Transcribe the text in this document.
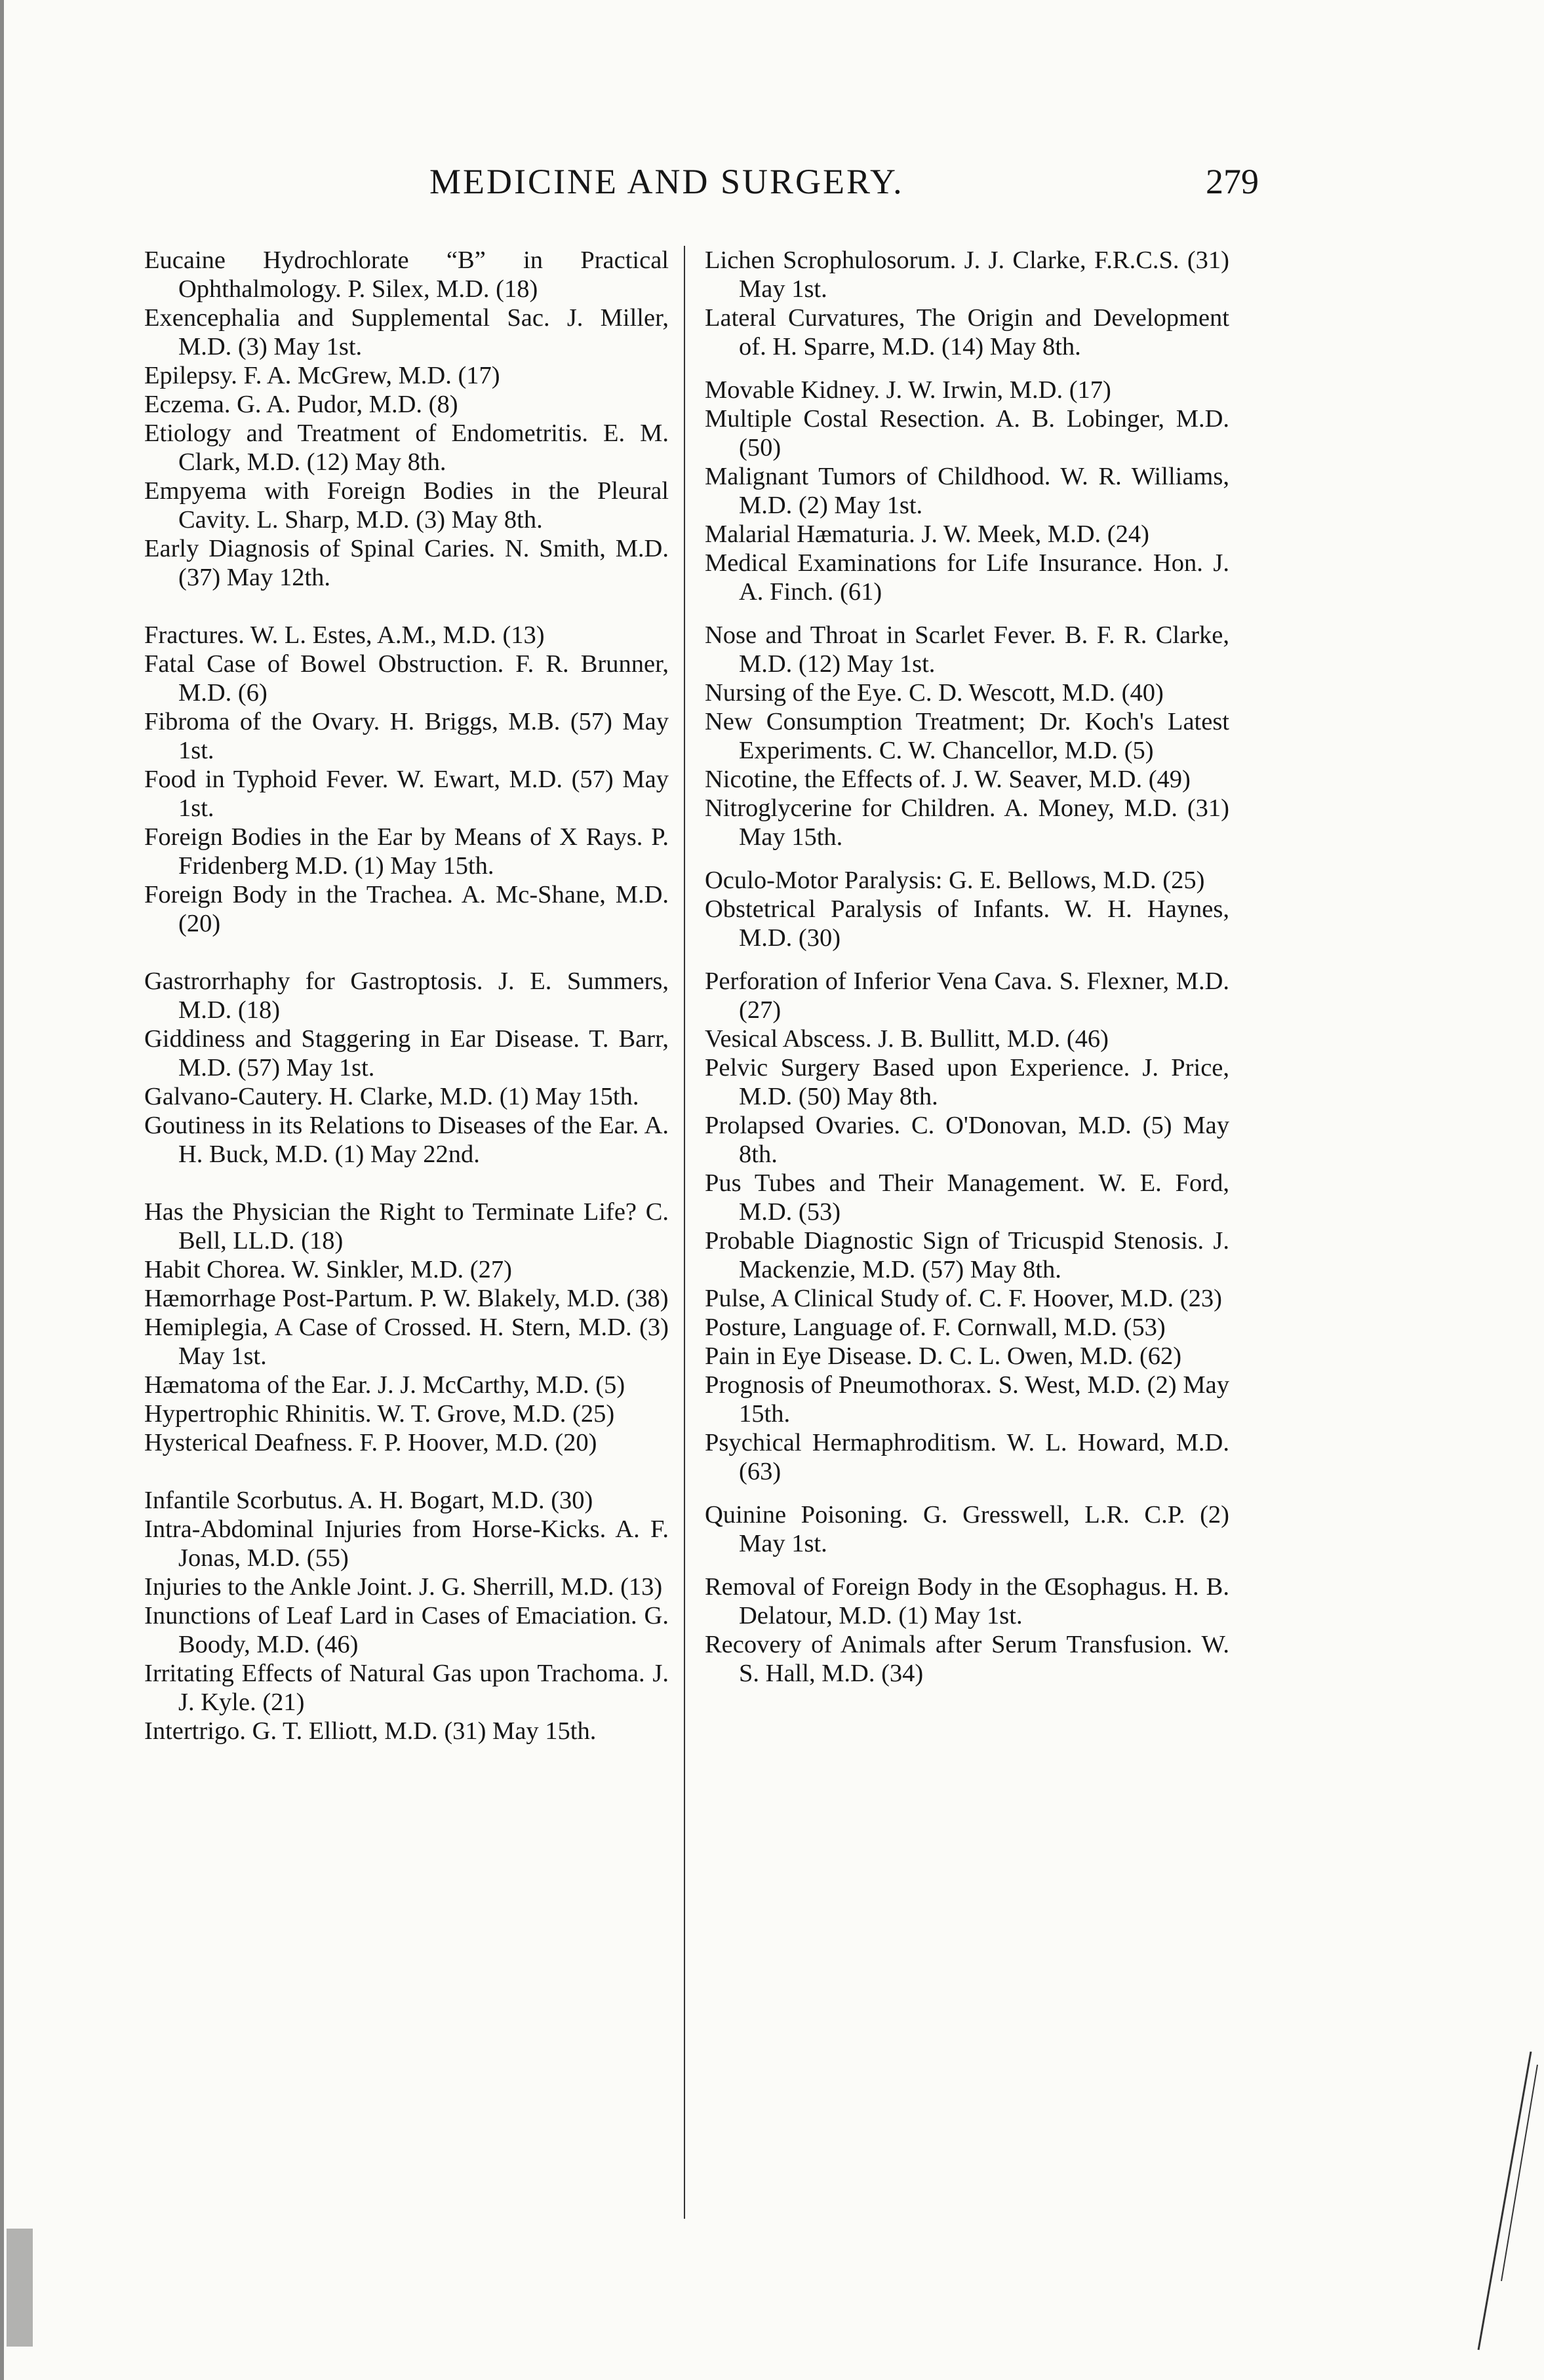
MEDICINE AND SURGERY.	279
Eucaine Hydrochlorate “B” in Practical Ophthalmology. P. Silex, M.D. (18)
Exencephalia and Supplemental Sac. J. Miller, M.D. (3) May 1st.
Epilepsy. F. A. McGrew, M.D. (17)
Eczema. G. A. Pudor, M.D. (8)
Etiology and Treatment of Endometritis. E. M. Clark, M.D. (12) May 8th.
Empyema with Foreign Bodies in the Pleural Cavity. L. Sharp, M.D. (3) May 8th.
Early Diagnosis of Spinal Caries. N. Smith, M.D. (37) May 12th.
Fractures. W. L. Estes, A.M., M.D. (13)
Fatal Case of Bowel Obstruction. F. R. Brunner, M.D. (6)
Fibroma of the Ovary. H. Briggs, M.B. (57) May 1st.
Food in Typhoid Fever. W. Ewart, M.D. (57) May 1st.
Foreign Bodies in the Ear by Means of X Rays. P. Fridenberg M.D. (1) May 15th.
Foreign Body in the Trachea. A. Mc-Shane, M.D. (20)
Gastrorrhaphy for Gastroptosis. J. E. Summers, M.D. (18)
Giddiness and Staggering in Ear Disease. T. Barr, M.D. (57) May 1st.
Galvano-Cautery. H. Clarke, M.D. (1) May 15th.
Goutiness in its Relations to Diseases of the Ear. A. H. Buck, M.D. (1) May 22nd.
Has the Physician the Right to Terminate Life? C. Bell, LL.D. (18)
Habit Chorea. W. Sinkler, M.D. (27)
Hæmorrhage Post-Partum. P. W. Blakely, M.D. (38)
Hemiplegia, A Case of Crossed. H. Stern, M.D. (3) May 1st.
Hæmatoma of the Ear. J. J. McCarthy, M.D. (5)
Hypertrophic Rhinitis. W. T. Grove, M.D. (25)
Hysterical Deafness. F. P. Hoover, M.D. (20)
Infantile Scorbutus. A. H. Bogart, M.D. (30)
Intra-Abdominal Injuries from Horse-Kicks. A. F. Jonas, M.D. (55)
Injuries to the Ankle Joint. J. G. Sherrill, M.D. (13)
Inunctions of Leaf Lard in Cases of Emaciation. G. Boody, M.D. (46)
Irritating Effects of Natural Gas upon Trachoma. J. J. Kyle. (21)
Intertrigo. G. T. Elliott, M.D. (31) May 15th.
Lichen Scrophulosorum. J. J. Clarke, F.R.C.S. (31) May 1st.
Lateral Curvatures, The Origin and Development of. H. Sparre, M.D. (14) May 8th.
Movable Kidney. J. W. Irwin, M.D. (17)
Multiple Costal Resection. A. B. Lobinger, M.D. (50)
Malignant Tumors of Childhood. W. R. Williams, M.D. (2) May 1st.
Malarial Hæmaturia. J. W. Meek, M.D. (24)
Medical Examinations for Life Insurance. Hon. J. A. Finch. (61)
Nose and Throat in Scarlet Fever. B. F. R. Clarke, M.D. (12) May 1st.
Nursing of the Eye. C. D. Wescott, M.D. (40)
New Consumption Treatment; Dr. Koch's Latest Experiments. C. W. Chancellor, M.D. (5)
Nicotine, the Effects of. J. W. Seaver, M.D. (49)
Nitroglycerine for Children. A. Money, M.D. (31) May 15th.
Oculo-Motor Paralysis: G. E. Bellows, M.D. (25)
Obstetrical Paralysis of Infants. W. H. Haynes, M.D. (30)
Perforation of Inferior Vena Cava. S. Flexner, M.D. (27)
Vesical Abscess. J. B. Bullitt, M.D. (46)
Pelvic Surgery Based upon Experience. J. Price, M.D. (50) May 8th.
Prolapsed Ovaries. C. O'Donovan, M.D. (5) May 8th.
Pus Tubes and Their Management. W. E. Ford, M.D. (53)
Probable Diagnostic Sign of Tricuspid Stenosis. J. Mackenzie, M.D. (57) May 8th.
Pulse, A Clinical Study of. C. F. Hoover, M.D. (23)
Posture, Language of. F. Cornwall, M.D. (53)
Pain in Eye Disease. D. C. L. Owen, M.D. (62)
Prognosis of Pneumothorax. S. West, M.D. (2) May 15th.
Psychical Hermaphroditism. W. L. Howard, M.D. (63)
Quinine Poisoning. G. Gresswell, L.R. C.P. (2) May 1st.
Removal of Foreign Body in the Œsophagus. H. B. Delatour, M.D. (1) May 1st.
Recovery of Animals after Serum Transfusion. W. S. Hall, M.D. (34)
